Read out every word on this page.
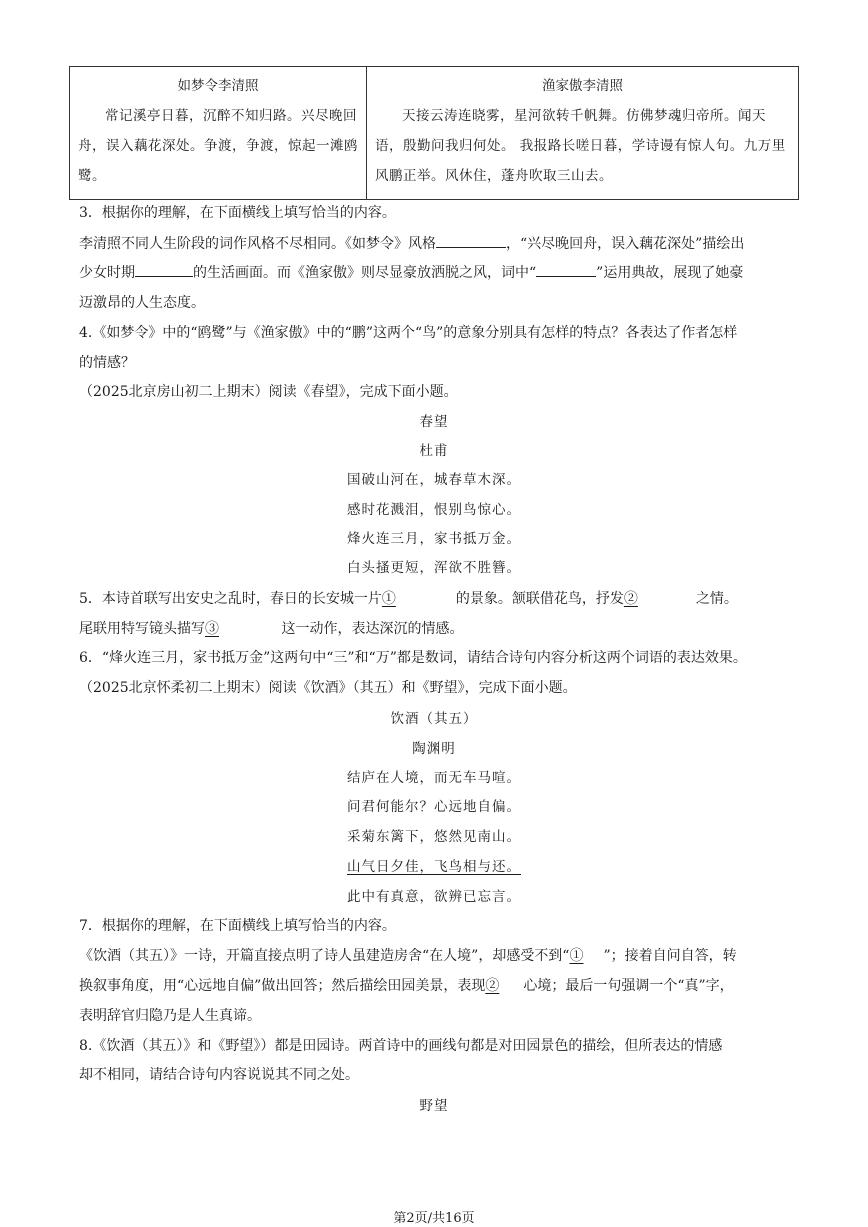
如梦令李清照
常记溪亭日暮，沉醉不知归路。兴尽晚回舟，误入藕花深处。争渡，争渡，惊起一滩鸥鹭。

渔家傲李清照
天接云涛连晓雾，星河欲转千帆舞。仿佛梦魂归帝所。闻天语，殷勤问我归何处。 我报路长嗟日暮，学诗谩有惊人句。九万里风鹏正举。风休住，蓬舟吹取三山去。
3．根据你的理解，在下面横线上填写恰当的内容。
李清照不同人生阶段的词作风格不尽相同。《如梦令》风格	，“兴尽晚回舟，误入藕花深处”描绘出
少女时期	的生活画面。而《渔家傲》则尽显豪放洒脱之风，词中“	”运用典故，展现了她豪
迈激昂的人生态度。
4.《如梦令》中的“鸥鹭”与《渔家傲》中的“鹏”这两个“鸟”的意象分别具有怎样的特点？各表达了作者怎样
的情感？
（2025北京房山初二上期末）阅读《春望》，完成下面小题。
春望
杜甫
国破山河在，城春草木深。
感时花溅泪，恨别鸟惊心。
烽火连三月，家书抵万金。
白头搔更短，浑欲不胜簪。
5．本诗首联写出安史之乱时，春日的长安城一片①	的景象。颔联借花鸟，抒发②	之情。
尾联用特写镜头描写③	这一动作，表达深沉的情感。
6．“烽火连三月，家书抵万金”这两句中“三”和“万”都是数词，请结合诗句内容分析这两个词语的表达效果。
（2025北京怀柔初二上期末）阅读《饮酒》（其五）和《野望》，完成下面小题。
饮酒（其五）
陶渊明
结庐在人境，而无车马喧。
问君何能尔？心远地自偏。
采菊东篱下，悠然见南山。
山气日夕佳，飞鸟相与还。
此中有真意，欲辨已忘言。
7．根据你的理解，在下面横线上填写恰当的内容。
《饮酒（其五）》一诗，开篇直接点明了诗人虽建造房舍“在人境”，却感受不到“① ”；接着自问自答，转
换叙事角度，用“心远地自偏”做出回答；然后描绘田园美景，表现② 心境；最后一句强调一个“真”字，
表明辞官归隐乃是人生真谛。
8.《饮酒（其五）》和《野望》）都是田园诗。两首诗中的画线句都是对田园景色的描绘，但所表达的情感
却不相同，请结合诗句内容说说其不同之处。
野望
第2页/共16页
